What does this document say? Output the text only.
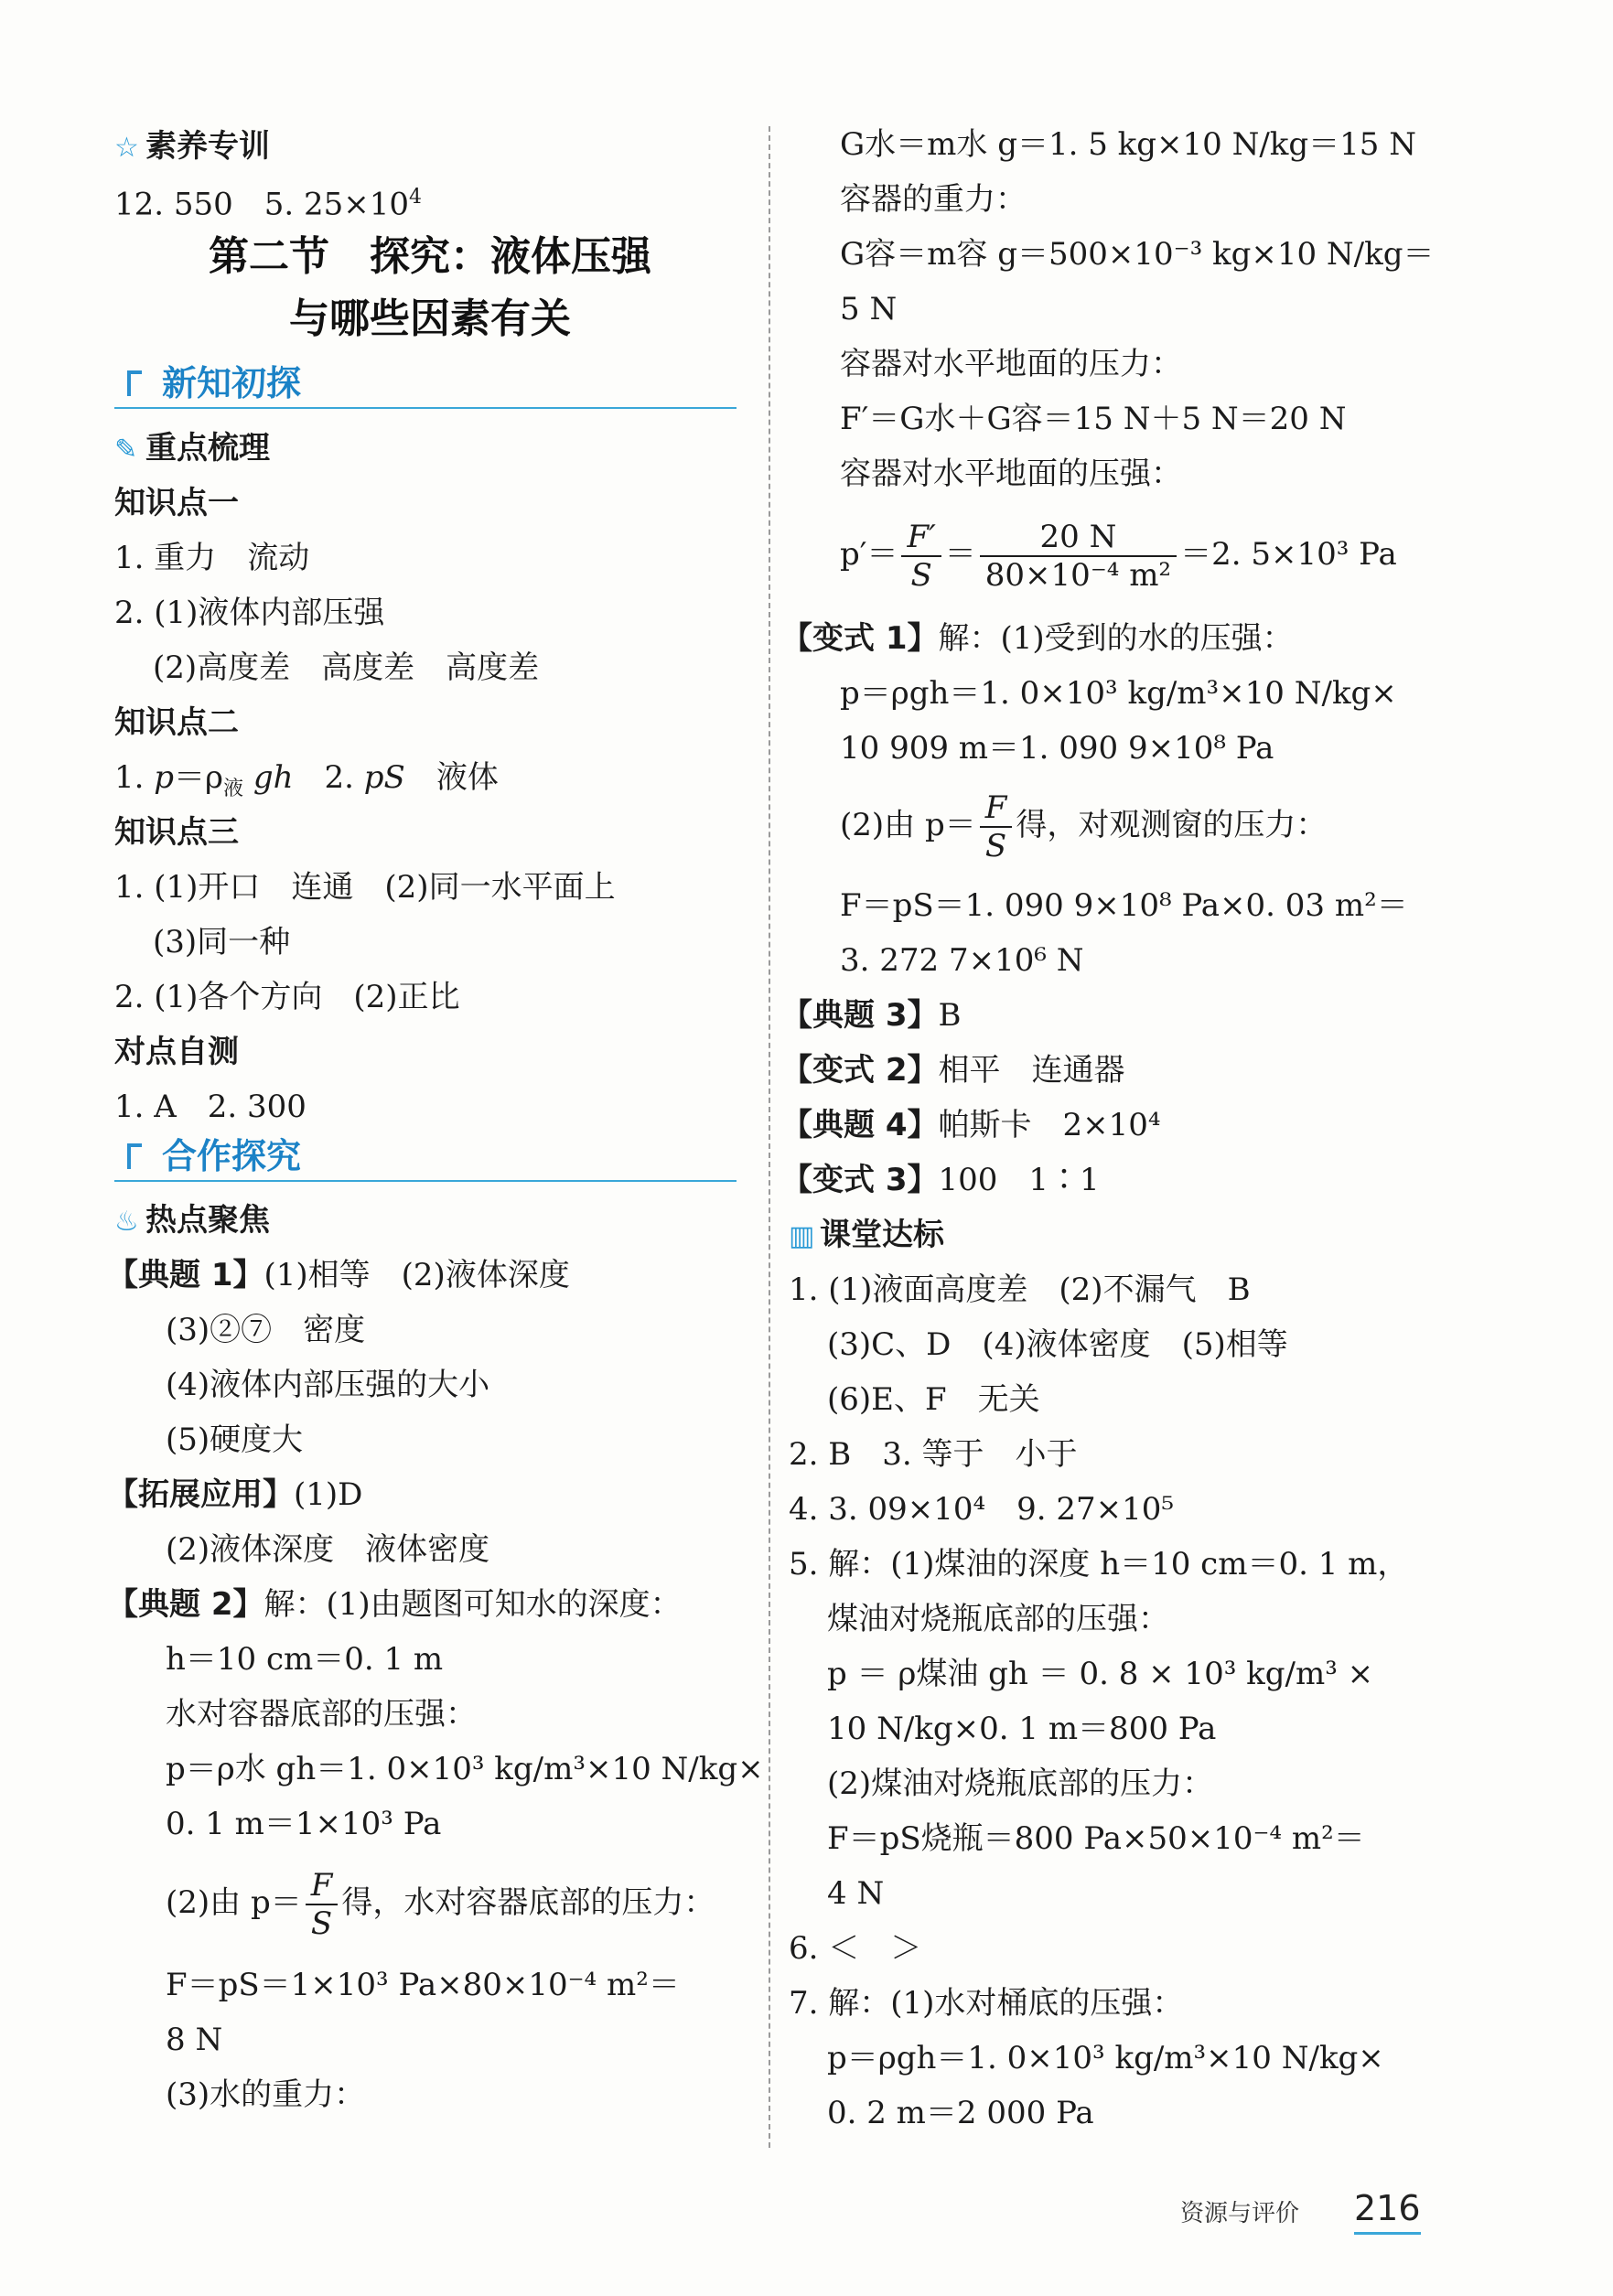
☆ 素养专训
12. 550　5. $25\times 10^4$
第二节　探究：液体压强
与哪些因素有关
新知初探
✎ 重点梳理
知识点一
1. 重力　流动
2. (1)液体内部压强
(2)高度差　高度差　高度差
知识点二
1. $p=\rho_液$ gh　2. pS　液体
知识点三
1. (1)开口　连通　(2)同一水平面上
(3)同一种
2. (1)各个方向　(2)正比
对点自测
1. A　2. 300
合作探究
♨ 热点聚焦
【典题 1】(1)相等　(2)液体深度
(3)②⑦　密度
(4)液体内部压强的大小
(5)硬度大
【拓展应用】(1)D
(2)液体深度　液体密度
【典题 2】解：(1)由题图可知水的深度：
h＝10 cm＝0. 1 m
水对容器底部的压强：
p＝ρ水 gh＝1. 0×10³ kg/m³×10 N/kg×
0. 1 m＝1×10³ Pa
(2)由 $p= \frac{F}{S}$ 得，水对容器底部的压力：
F＝pS＝1×10³ Pa×80×10⁻⁴ m²＝
8 N
(3)水的重力：
G水＝m水 g＝1. 5 kg×10 N/kg＝15 N
容器的重力：
G容＝m容 g＝500×10⁻³ kg×10 N/kg＝
5 N
容器对水平地面的压力：
F′＝G水＋G容＝15 N＋5 N＝20 N
容器对水平地面的压强：
$p'= \frac{F'}{S} = \frac{20 N}{\text{80×10⁻⁴ m²}} =2$. 5×10³ Pa
【变式 1】解：(1)受到的水的压强：
p＝ρgh＝1. 0×10³ kg/m³×10 N/kg×
10 909 m＝1. 090 9×10⁸ Pa
(2)由 $p= \frac{F}{S}$ 得，对观测窗的压力：
F＝pS＝1. 090 9×10⁸ Pa×0. 03 m²＝
3. 272 7×10⁶ N
【典题 3】B
【变式 2】相平　连通器
【典题 4】帕斯卡　2×10⁴
【变式 3】100　1∶1
▥ 课堂达标
1. (1)液面高度差　(2)不漏气　B
(3)C、D　(4)液体密度　(5)相等
(6)E、F　无关
2. B　3. 等于　小于
4. 3. 09×10⁴　9. 27×10⁵
5. 解：(1)煤油的深度 h＝10 cm＝0. 1 m，
煤油对烧瓶底部的压强：
p ＝ ρ煤油 gh ＝ 0. 8 × 10³ kg/m³ ×
10 N/kg×0. 1 m＝800 Pa
(2)煤油对烧瓶底部的压力：
F＝pS烧瓶＝800 Pa×50×10⁻⁴ m²＝
4 N
6. ＜　＞
7. 解：(1)水对桶底的压强：
p＝ρgh＝1. 0×10³ kg/m³×10 N/kg×
0. 2 m＝2 000 Pa
资源与评价 216
